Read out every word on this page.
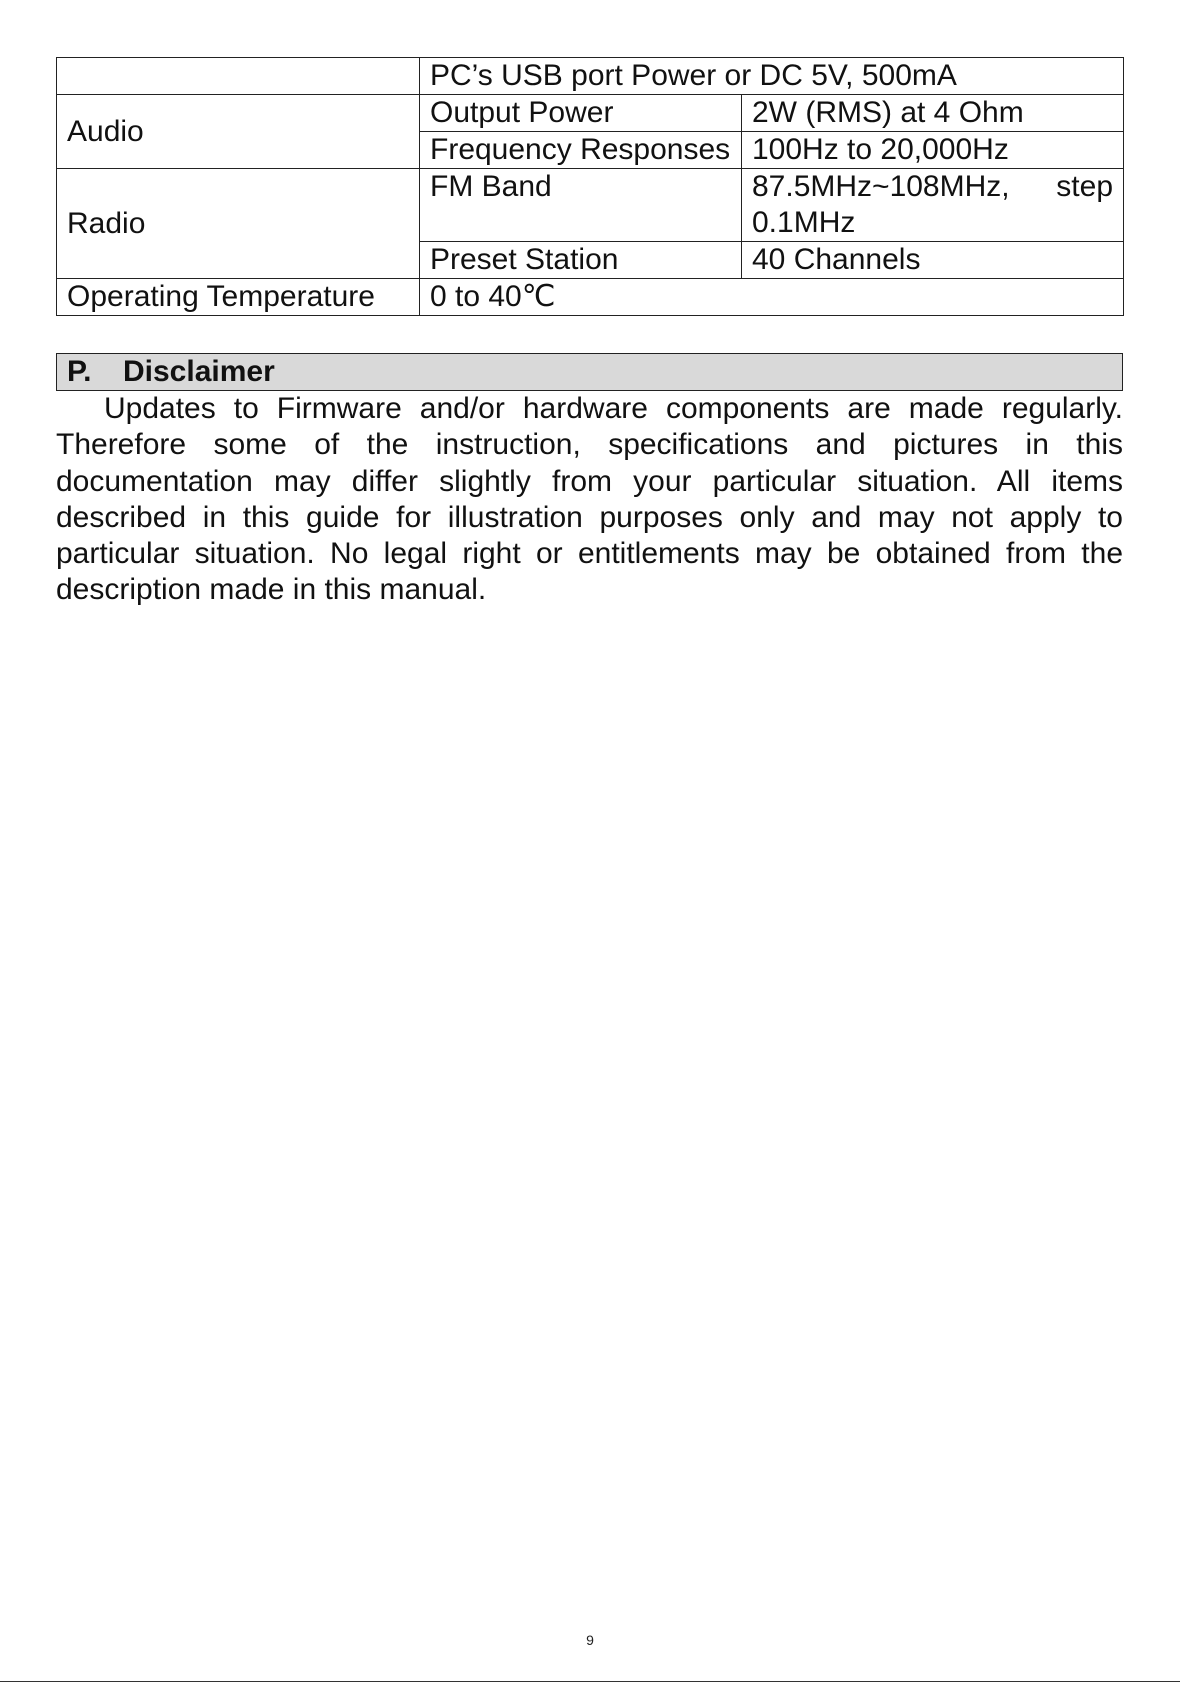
	PC’s USB port Power or DC 5V, 500mA	
Audio	Output Power	2W (RMS) at 4 Ohm
	Frequency Responses	100Hz to 20,000Hz
Radio	FM Band	87.5MHz~108MHz, step 0.1MHz
	Preset Station	40 Channels
Operating Temperature	0 to 40℃	
P. Disclaimer

Updates to Firmware and/or hardware components are made regularly. Therefore some of the instruction, specifications and pictures in this documentation may differ slightly from your particular situation. All items described in this guide for illustration purposes only and may not apply to particular situation. No legal right or entitlements may be obtained from the description made in this manual.

9
